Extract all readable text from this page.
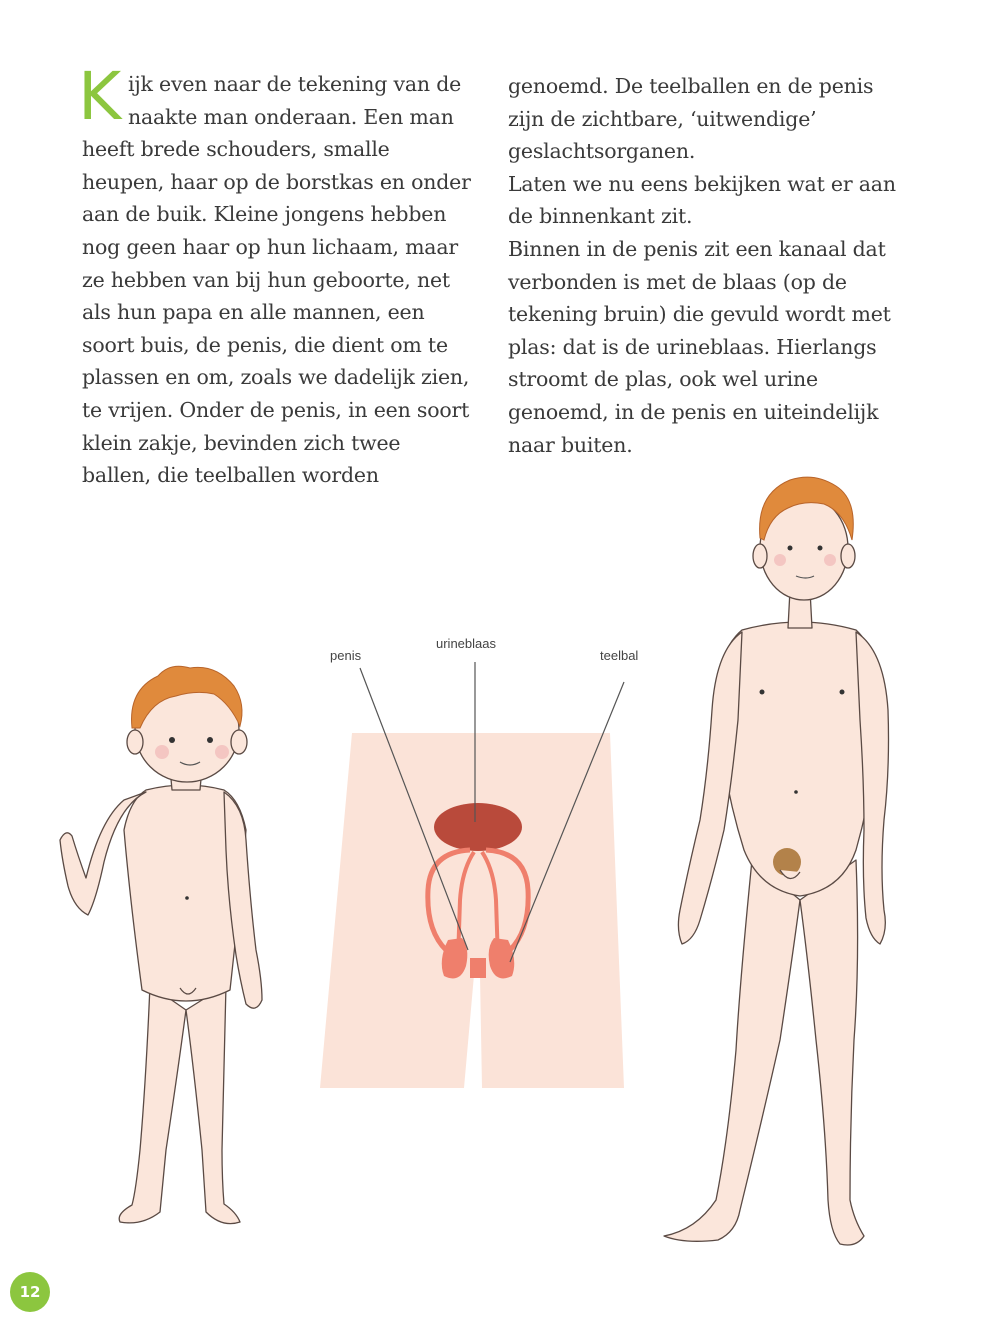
K ijk even naar de tekening van de
naakte man onderaan. Een man
heeft brede schouders, smalle
heupen, haar op de borstkas en onder
aan de buik. Kleine jongens hebben
nog geen haar op hun lichaam, maar
ze hebben van bij hun geboorte, net
als hun papa en alle mannen, een
soort buis, de penis, die dient om te
plassen en om, zoals we dadelijk zien,
te vrijen. Onder de penis, in een soort
klein zakje, bevinden zich twee
ballen, die teelballen worden
genoemd. De teelballen en de penis
zijn de zichtbare, ‘uitwendige’
geslachtsorganen.
Laten we nu eens bekijken wat er aan
de binnenkant zit.
Binnen in de penis zit een kanaal dat
verbonden is met de blaas (op de
tekening bruin) die gevuld wordt met
plas: dat is de urineblaas. Hierlangs
stroomt de plas, ook wel urine
genoemd, in de penis en uiteindelijk
naar buiten.
penis
urineblaas
teelbal
12
